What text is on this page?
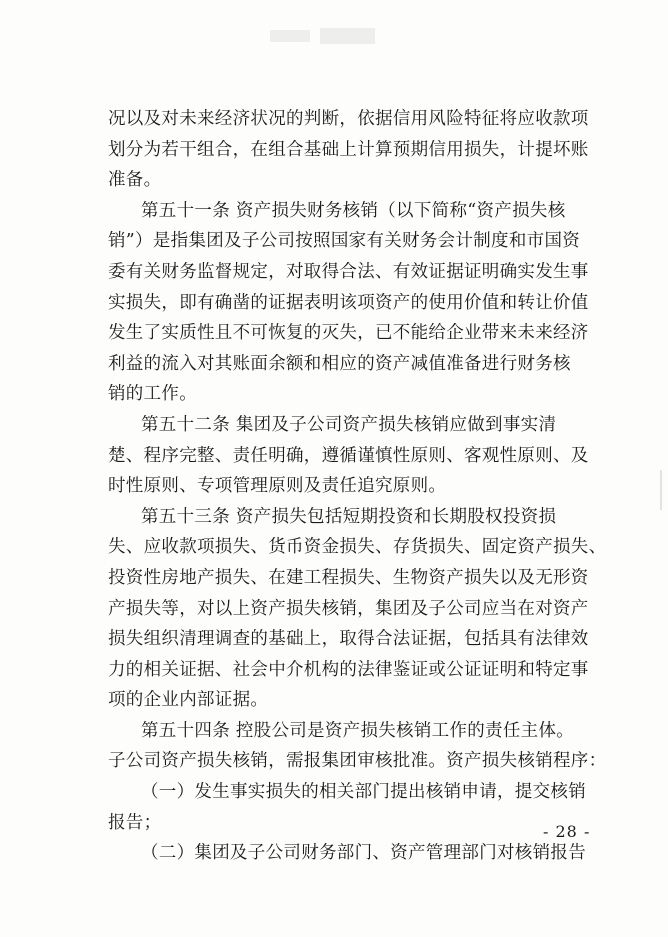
况以及对未来经济状况的判断，依据信用风险特征将应收款项
划分为若干组合，在组合基础上计算预期信用损失，计提坏账
准备。

第五十一条 资产损失财务核销（以下简称“资产损失核
销”）是指集团及子公司按照国家有关财务会计制度和市国资
委有关财务监督规定，对取得合法、有效证据证明确实发生事
实损失，即有确凿的证据表明该项资产的使用价值和转让价值
发生了实质性且不可恢复的灭失，已不能给企业带来未来经济
利益的流入对其账面余额和相应的资产减值准备进行财务核
销的工作。

第五十二条 集团及子公司资产损失核销应做到事实清
楚、程序完整、责任明确，遵循谨慎性原则、客观性原则、及
时性原则、专项管理原则及责任追究原则。

第五十三条 资产损失包括短期投资和长期股权投资损
失、应收款项损失、货币资金损失、存货损失、固定资产损失、
投资性房地产损失、在建工程损失、生物资产损失以及无形资
产损失等，对以上资产损失核销，集团及子公司应当在对资产
损失组织清理调查的基础上，取得合法证据，包括具有法律效
力的相关证据、社会中介机构的法律鉴证或公证证明和特定事
项的企业内部证据。

第五十四条 控股公司是资产损失核销工作的责任主体。
子公司资产损失核销，需报集团审核批准。资产损失核销程序：
（一）发生事实损失的相关部门提出核销申请，提交核销
报告；
（二）集团及子公司财务部门、资产管理部门对核销报告

- 28 -
